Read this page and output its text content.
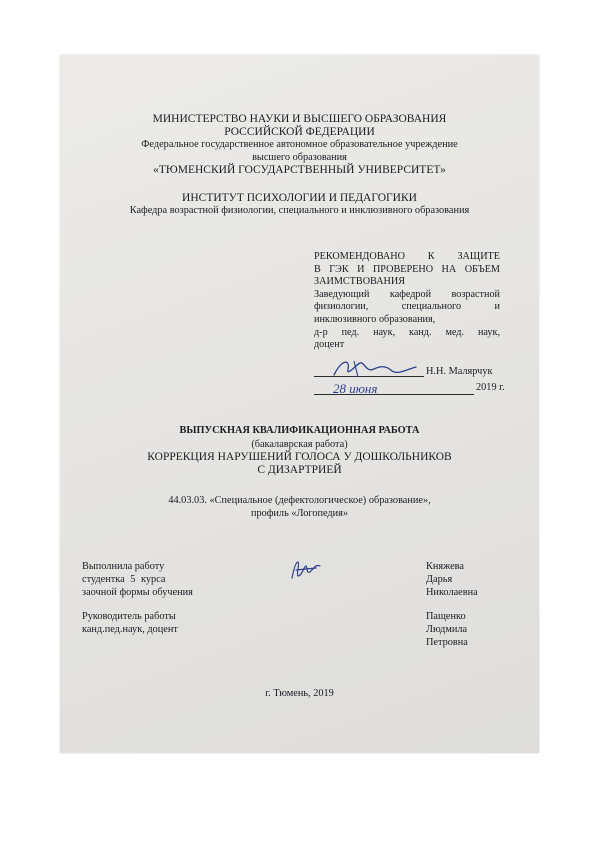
МИНИСТЕРСТВО НАУКИ И ВЫСШЕГО ОБРАЗОВАНИЯ
РОССИЙСКОЙ ФЕДЕРАЦИИ
Федеральное государственное автономное образовательное учреждение
высшего образования
«ТЮМЕНСКИЙ ГОСУДАРСТВЕННЫЙ УНИВЕРСИТЕТ»
ИНСТИТУТ ПСИХОЛОГИИ И ПЕДАГОГИКИ
Кафедра возрастной физиологии, специального и инклюзивного образования
РЕКОМЕНДОВАНО К ЗАЩИТЕ
В ГЭК И ПРОВЕРЕНО НА ОБЪЕМ
ЗАИМСТВОВАНИЯ
Заведующий кафедрой возрастной
физиологии, специального и
инклюзивного образования,
д-р пед. наук, канд. мед. наук,
доцент
Н.Н. Малярчук
28 июня	2019 г.
ВЫПУСКНАЯ КВАЛИФИКАЦИОННАЯ РАБОТА
(бакалаврская работа)
КОРРЕКЦИЯ НАРУШЕНИЙ ГОЛОСА У ДОШКОЛЬНИКОВ
С ДИЗАРТРИЕЙ
44.03.03. «Специальное (дефектологическое) образование»,
профиль «Логопедия»
Выполнила работу
студентка 5 курса
заочной формы обучения
Княжева
Дарья
Николаевна
Руководитель работы
канд.пед.наук, доцент
Пащенко
Людмила
Петровна
г. Тюмень, 2019
